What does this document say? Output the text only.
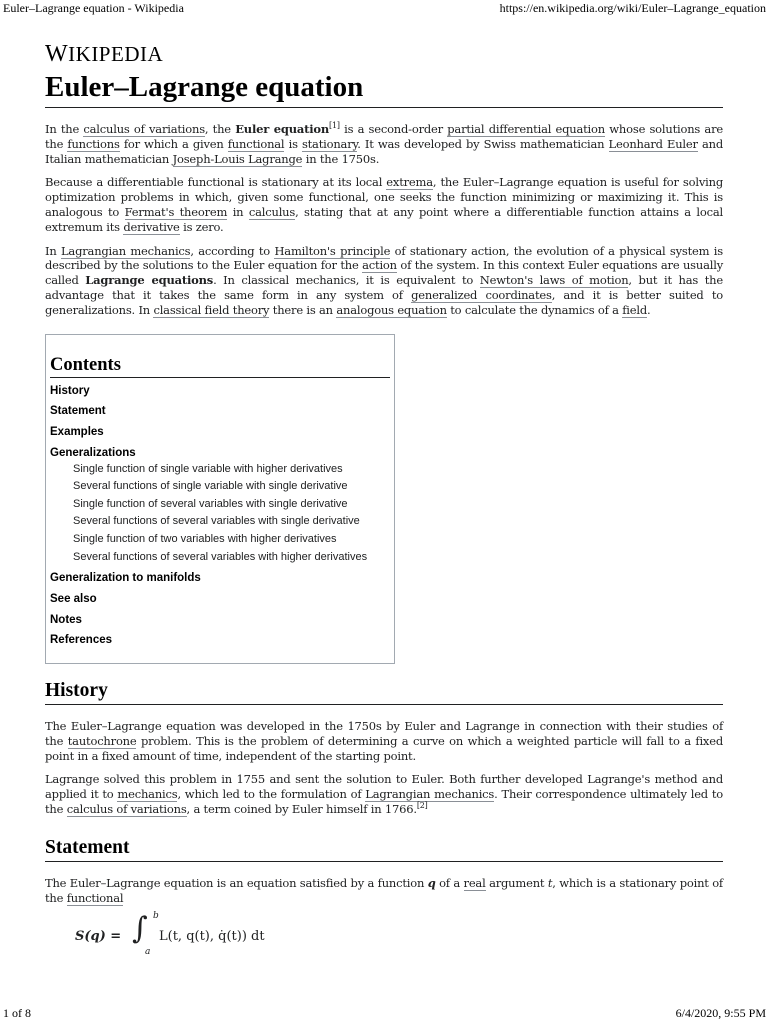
Euler–Lagrange equation - Wikipedia	https://en.wikipedia.org/wiki/Euler–Lagrange_equation
WIKIPEDIA
Euler–Lagrange equation

In the calculus of variations, the Euler equation[1] is a second-order partial differential equation whose solutions are the functions for which a given functional is stationary. It was developed by Swiss mathematician Leonhard Euler and Italian mathematician Joseph-Louis Lagrange in the 1750s.

Because a differentiable functional is stationary at its local extrema, the Euler–Lagrange equation is useful for solving optimization problems in which, given some functional, one seeks the function minimizing or maximizing it. This is analogous to Fermat's theorem in calculus, stating that at any point where a differentiable function attains a local extremum its derivative is zero.

In Lagrangian mechanics, according to Hamilton's principle of stationary action, the evolution of a physical system is described by the solutions to the Euler equation for the action of the system. In this context Euler equations are usually called Lagrange equations. In classical mechanics, it is equivalent to Newton's laws of motion, but it has the advantage that it takes the same form in any system of generalized coordinates, and it is better suited to generalizations. In classical field theory there is an analogous equation to calculate the dynamics of a field.

Contents
History
Statement
Examples
Generalizations
Single function of single variable with higher derivatives
Several functions of single variable with single derivative
Single function of several variables with single derivative
Several functions of several variables with single derivative
Single function of two variables with higher derivatives
Several functions of several variables with higher derivatives
Generalization to manifolds
See also
Notes
References
History

The Euler–Lagrange equation was developed in the 1750s by Euler and Lagrange in connection with their studies of the tautochrone problem. This is the problem of determining a curve on which a weighted particle will fall to a fixed point in a fixed amount of time, independent of the starting point.

Lagrange solved this problem in 1755 and sent the solution to Euler. Both further developed Lagrange's method and applied it to mechanics, which led to the formulation of Lagrangian mechanics. Their correspondence ultimately led to the calculus of variations, a term coined by Euler himself in 1766.[2]

Statement

The Euler–Lagrange equation is an equation satisfied by a function q of a real argument t, which is a stationary point of the functional

S(q) = ∫ b
a
L(t, q(t), q̇(t)) dt
1 of 8	6/4/2020, 9:55 PM
